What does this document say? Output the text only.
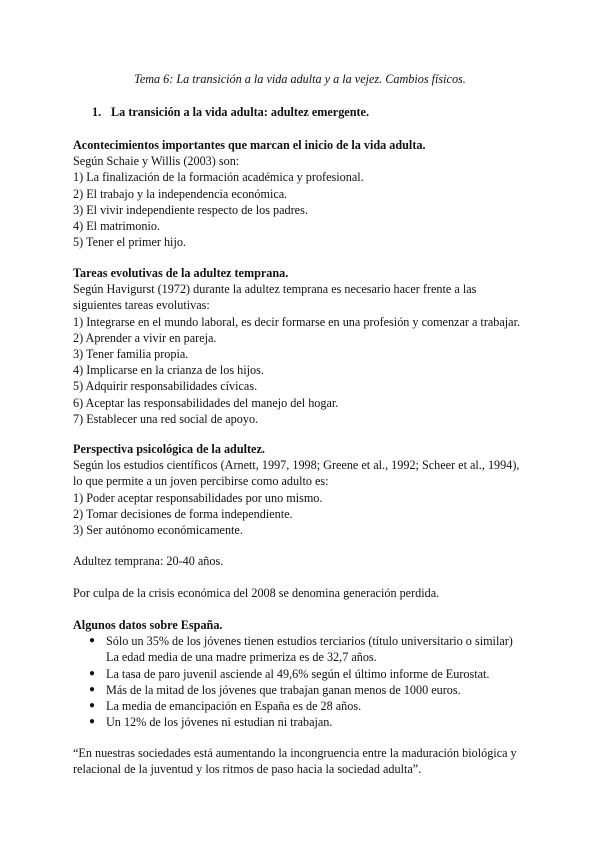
Tema 6: La transición a la vida adulta y a la vejez. Cambios físicos.
1. La transición a la vida adulta: adultez emergente.
Acontecimientos importantes que marcan el inicio de la vida adulta.
Según Schaie y Willis (2003) son:
1) La finalización de la formación académica y profesional.
2) El trabajo y la independencia económica.
3) El vivir independiente respecto de los padres.
4) El matrimonio.
5) Tener el primer hijo.
Tareas evolutivas de la adultez temprana.
Según Havigurst (1972) durante la adultez temprana es necesario hacer frente a las
siguientes tareas evolutivas:
1) Integrarse en el mundo laboral, es decir formarse en una profesión y comenzar a trabajar.
2) Aprender a vivir en pareja.
3) Tener familia propia.
4) Implicarse en la crianza de los hijos.
5) Adquirir responsabilidades cívicas.
6) Aceptar las responsabilidades del manejo del hogar.
7) Establecer una red social de apoyo.
Perspectiva psicológica de la adultez.
Según los estudios científicos (Arnett, 1997, 1998; Greene et al., 1992; Scheer et al., 1994),
lo que permite a un joven percibirse como adulto es:
1) Poder aceptar responsabilidades por uno mismo.
2) Tomar decisiones de forma independiente.
3) Ser autónomo económicamente.
Adultez temprana: 20-40 años.
Por culpa de la crisis económica del 2008 se denomina generación perdida.
Algunos datos sobre España.
● Sólo un 35% de los jóvenes tienen estudios terciarios (título universitario o similar)
La edad media de una madre primeriza es de 32,7 años.
● La tasa de paro juvenil asciende al 49,6% según el último informe de Eurostat.
● Más de la mitad de los jóvenes que trabajan ganan menos de 1000 euros.
● La media de emancipación en España es de 28 años.
● Un 12% de los jóvenes ni estudian ni trabajan.
“En nuestras sociedades está aumentando la incongruencia entre la maduración biológica y
relacional de la juventud y los ritmos de paso hacia la sociedad adulta”.
